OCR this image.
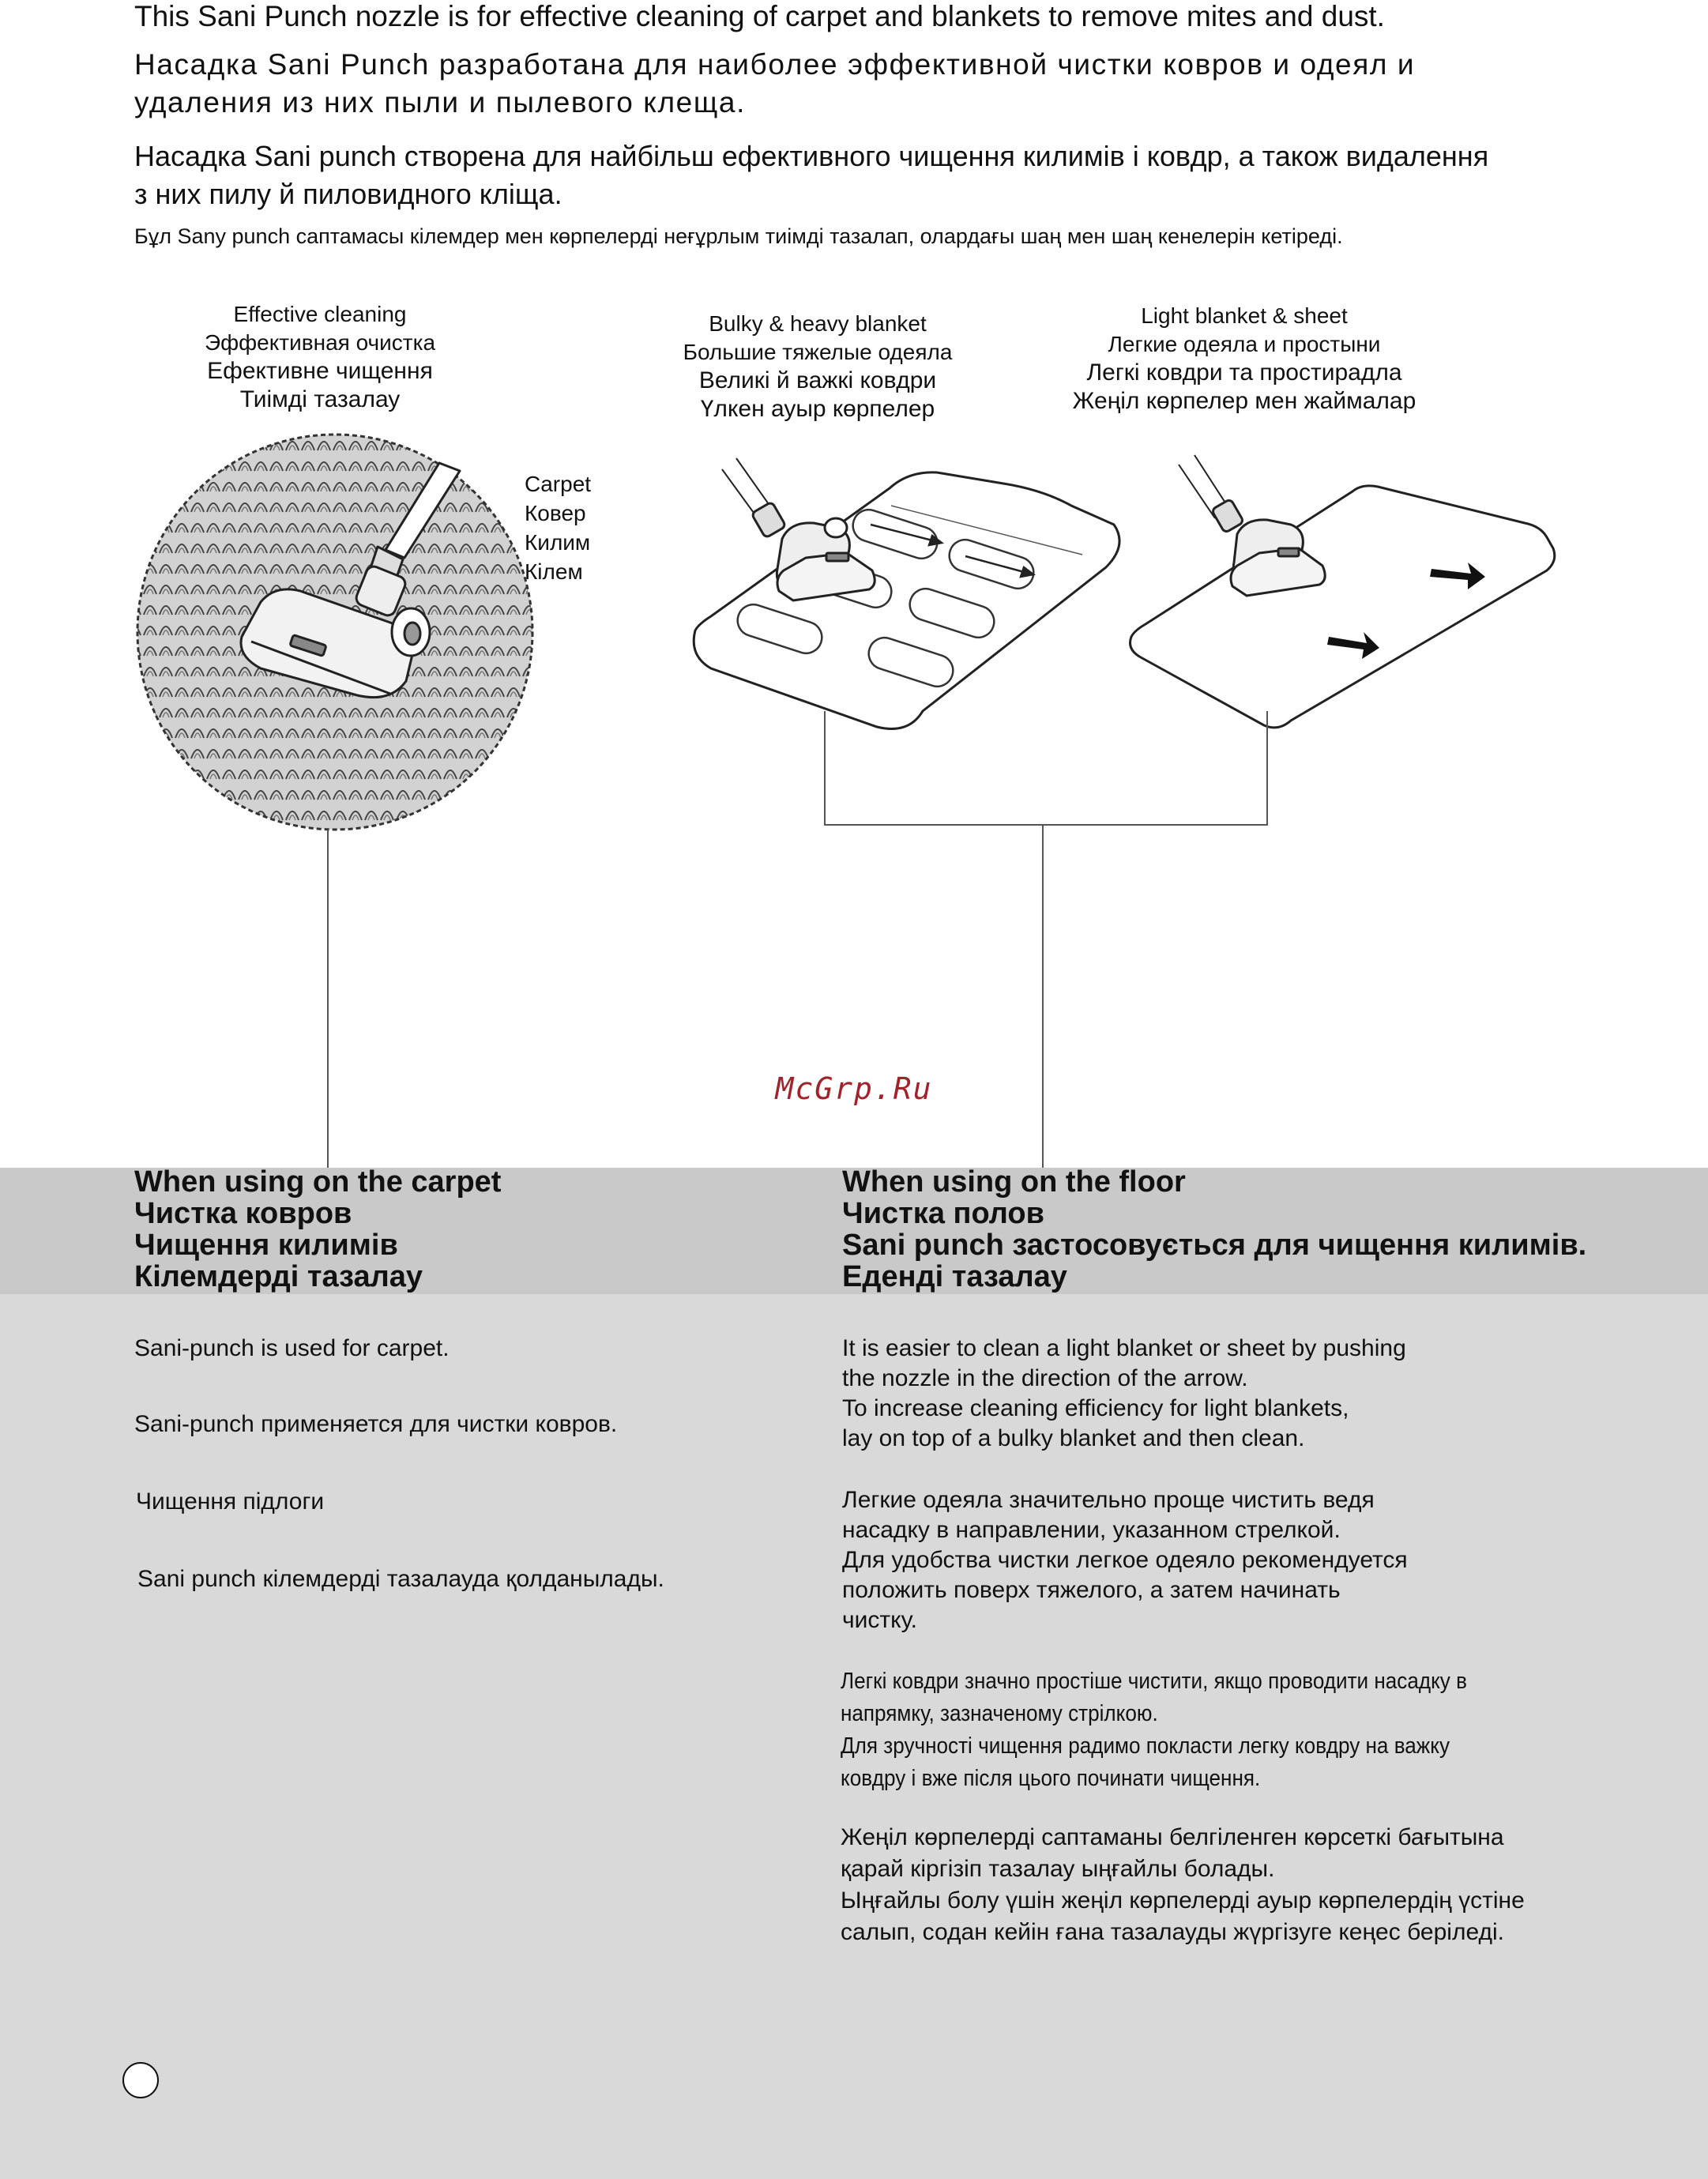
This Sani Punch nozzle is for effective cleaning of carpet and blankets to remove mites and dust.

Насадка Sani Punch разработана для наиболее эффективной чистки ковров и одеял и
удаления из них пыли и пылевого клеща.
Насадка Sani punch створена для найбільш ефективного чищення килимів і ковдр, а також видалення
з них пилу й пиловидного кліща.

Бұл Sany punch саптамасы кілемдер мен көрпелерді неғұрлым тиімді тазалап, олардағы шаң мен шаң кенелерін кетіреді.

Effective cleaning
Эффективная очистка
Ефективне чищення
Тиімді тазалау
Carpet
Ковер
Килим
Кілем
Bulky & heavy blanket
Большие тяжелые одеяла
Великі й важкі ковдри
Үлкен ауыр көрпелер
Light blanket & sheet
Легкие одеяла и простыни
Легкі ковдри та простирадла
Жеңіл көрпелер мен жаймалар
McGrp.Ru
When using on the carpet
Чистка ковров
Чищення килимів
Кілемдерді тазалау
When using on the floor
Чистка полов
Sani punch застосовується для чищення килимів.
Еденді тазалау
Sani-punch is used for carpet.
Sani-punch применяется для чистки ковров.
Чищення підлоги
Sani punch кілемдерді тазалауда қолданылады.
It is easier to clean a light blanket or sheet by pushing
the nozzle in the direction of the arrow.
To increase cleaning efficiency for light blankets,
lay on top of a bulky blanket and then clean.
Легкие одеяла значительно проще чистить ведя
насадку в направлении, указанном стрелкой.
Для удобства чистки легкое одеяло рекомендуется
положить поверх тяжелого, а затем начинать
чистку.
Легкі ковдри значно простіше чистити, якщо проводити насадку в
напрямку, зазначеному стрілкою.
Для зручності чищення радимо покласти легку ковдру на важку
ковдру і вже після цього починати чищення.
Жеңіл көрпелерді саптаманы белгіленген көрсеткі бағытына
қарай кіргізіп тазалау ыңғайлы болады.
Ыңғайлы болу үшін жеңіл көрпелерді ауыр көрпелердің үстіне
салып, содан кейін ғана тазалауды жүргізуге кеңес беріледі.
